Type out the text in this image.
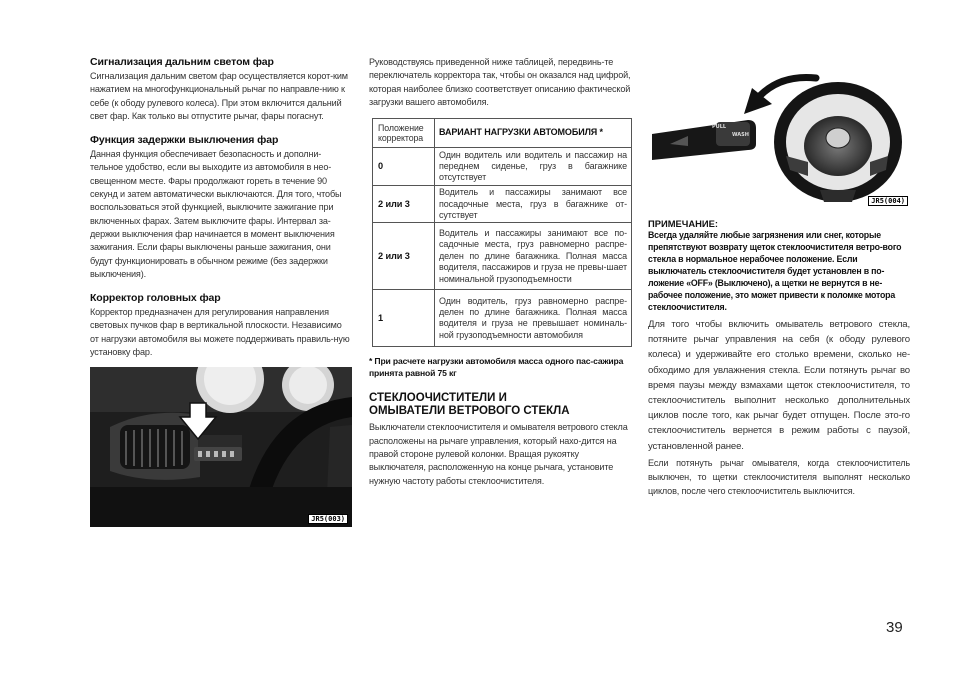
Сигнализация дальним светом фар

Сигнализация дальним светом фар осуществляется корот-ким нажатием на многофункциональный рычаг по направле-нию к себе (к ободу рулевого колеса). При этом включится дальний свет фар. Как только вы отпустите рычаг, фары погаснут.

Функция задержки выключения фар

Данная функция обеспечивает безопасность и дополни-тельное удобство, если вы выходите из автомобиля в нео-свещенном месте. Фары продолжают гореть в течение 90 секунд и затем автоматически выключаются. Для того, чтобы воспользоваться этой функцией, выключите зажигание при включенных фарах. Затем выключите фары. Интервал за-держки выключения фар начинается в момент выключения зажигания. Если фары выключены раньше зажигания, они будут функционировать в обычном режиме (без задержки выключения).

Корректор головных фар

Корректор предназначен для регулирования направления световых пучков фар в вертикальной плоскости. Независимо от нагрузки автомобиля вы можете поддерживать правиль-ную установку фар.

JR5(003)

Руководствуясь приведенной ниже таблицей, передвинь-те переключатель корректора так, чтобы он оказался над цифрой, которая наиболее близко соответствует описанию фактической загрузки вашего автомобиля.

Положение корректора	ВАРИАНТ НАГРУЗКИ АВТОМОБИЛЯ *
0	Один водитель или водитель и пассажир на переднем сиденье, груз в багажнике отсутствует
2 или 3	Водитель и пассажиры занимают все посадочные места, груз в багажнике от-сутствует
2 или 3	Водитель и пассажиры занимают все по-садочные места, груз равномерно распре-делен по длине багажника. Полная масса водителя, пассажиров и груза не превы-шает номинальной грузоподъемности
1	Один водитель, груз равномерно распре-делен по длине багажника. Полная масса водителя и груза не превышает номиналь-ной грузоподъемности автомобиля

* При расчете нагрузки автомобиля масса одного пас-сажира принята равной 75 кг

СТЕКЛООЧИСТИТЕЛИ И ОМЫВАТЕЛИ ВЕТРОВОГО СТЕКЛА

Выключатели стеклоочистителя и омывателя ветрового стекла расположены на рычаге управления, который нахо-дится на правой стороне рулевой колонки. Вращая рукоятку выключателя, расположенную на конце рычага, установите нужную частоту работы стеклоочистителя.

PULL
WASH
JR5(004)
ПРИМЕЧАНИЕ:

Всегда удаляйте любые загрязнения или снег, которые препятствуют возврату щеток стеклоочистителя ветро-вого стекла в нормальное нерабочее положение. Если выключатель стеклоочистителя будет установлен в по-ложение «OFF» (Выключено), а щетки не вернутся в не-рабочее положение, это может привести к поломке мотора стеклоочистителя.

Для того чтобы включить омыватель ветрового стекла, потяните рычаг управления на себя (к ободу рулевого колеса) и удерживайте его столько времени, сколько не-обходимо для увлажнения стекла. Если потянуть рычаг во время паузы между взмахами щеток стеклоочистителя, то стеклоочиститель выполнит несколько дополнительных циклов после того, как рычаг будет отпущен. После это-го стеклоочиститель вернется в режим работы с паузой, установленной ранее.

Если потянуть рычаг омывателя, когда стеклоочиститель выключен, то щетки стеклоочистителя выполнят несколько циклов, после чего стеклоочиститель выключится.

39
